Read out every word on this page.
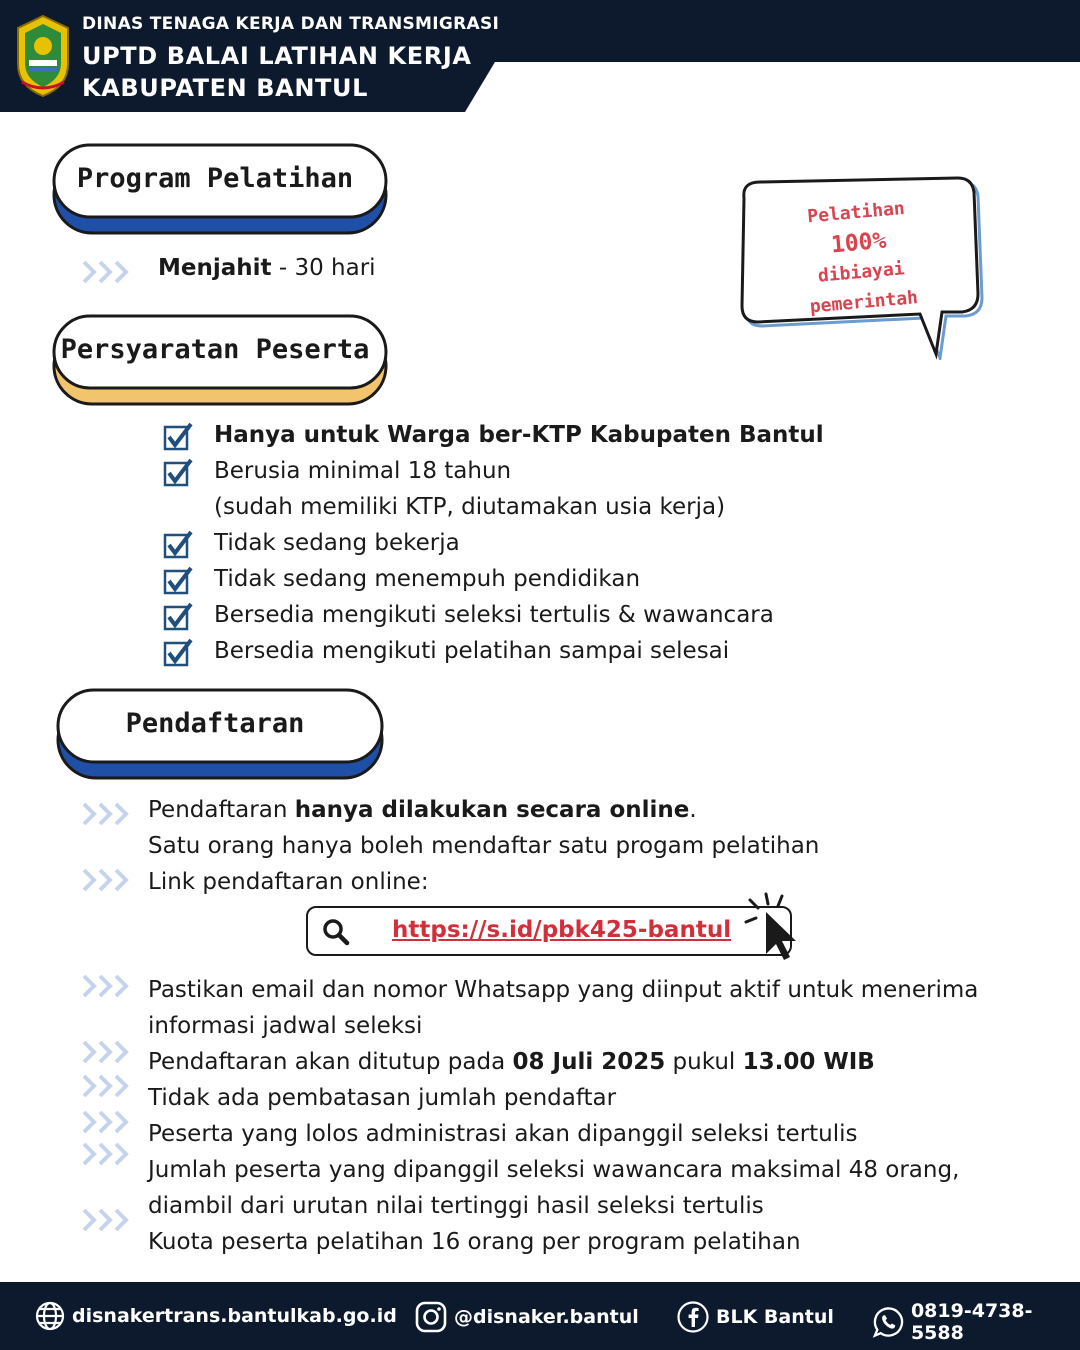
DINAS TENAGA KERJA DAN TRANSMIGRASI
UPTD BALAI LATIHAN KERJA
KABUPATEN BANTUL
Program Pelatihan
Menjahit - 30 hari
Pelatihan
100%
dibiayai
pemerintah
Persyaratan Peserta
Hanya untuk Warga ber-KTP Kabupaten Bantul
Berusia minimal 18 tahun
(sudah memiliki KTP, diutamakan usia kerja)
Tidak sedang bekerja
Tidak sedang menempuh pendidikan
Bersedia mengikuti seleksi tertulis & wawancara
Bersedia mengikuti pelatihan sampai selesai
Pendaftaran
Pendaftaran hanya dilakukan secara online.
Satu orang hanya boleh mendaftar satu progam pelatihan
Link pendaftaran online:
https://s.id/pbk425-bantul
Pastikan email dan nomor Whatsapp yang diinput aktif untuk menerima
informasi jadwal seleksi
Pendaftaran akan ditutup pada 08 Juli 2025 pukul 13.00 WIB
Tidak ada pembatasan jumlah pendaftar
Peserta yang lolos administrasi akan dipanggil seleksi tertulis
Jumlah peserta yang dipanggil seleksi wawancara maksimal 48 orang,
diambil dari urutan nilai tertinggi hasil seleksi tertulis
Kuota peserta pelatihan 16 orang per program pelatihan
disnakertrans.bantulkab.go.id	@disnaker.bantul	BLK Bantul	0819-4738-5588
